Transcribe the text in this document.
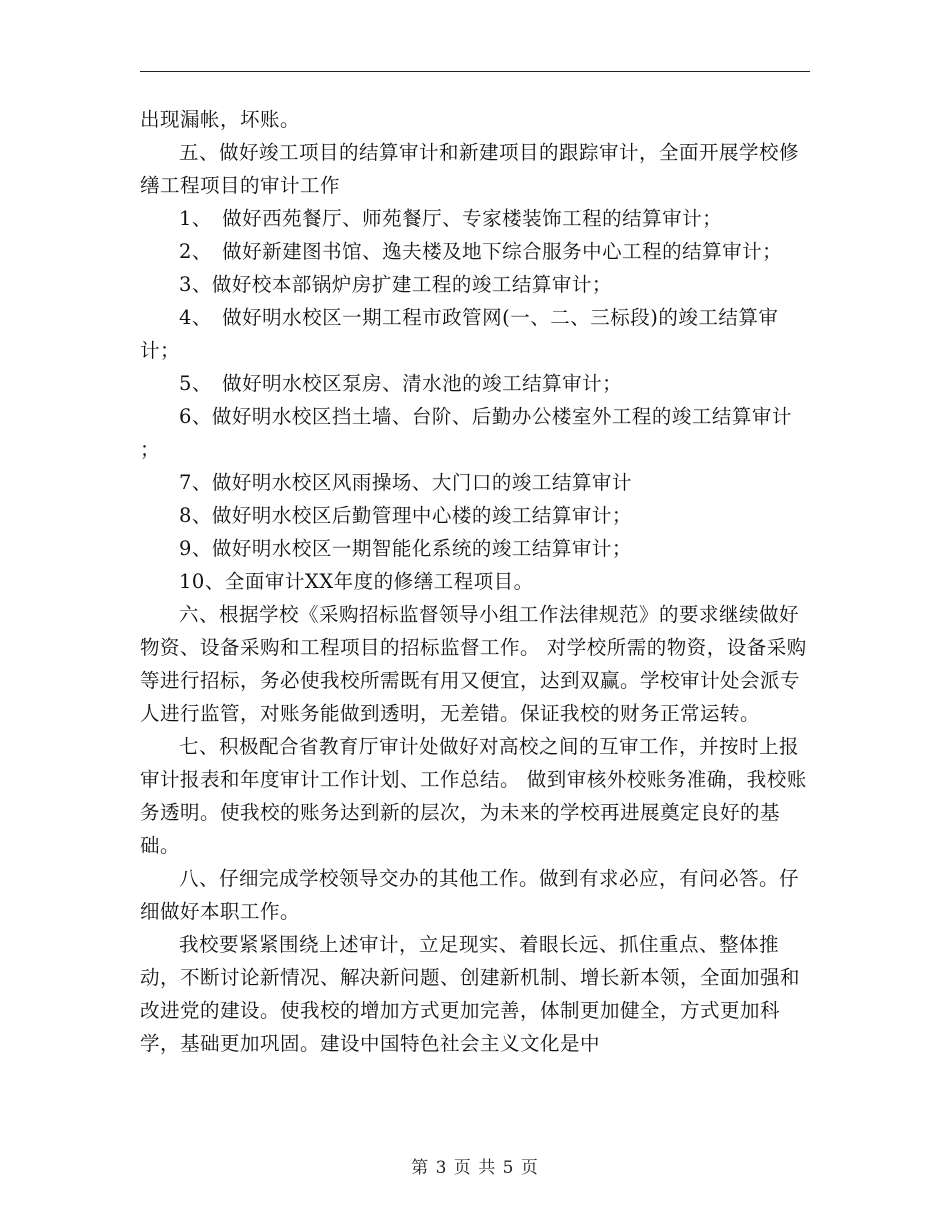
出现漏帐，坏账。

五、做好竣工项目的结算审计和新建项目的跟踪审计，全面开展学校修缮工程项目的审计工作

1、　做好西苑餐厅、师苑餐厅、专家楼装饰工程的结算审计；

2、　做好新建图书馆、逸夫楼及地下综合服务中心工程的结算审计；

3、做好校本部锅炉房扩建工程的竣工结算审计；

4、　做好明水校区一期工程市政管网(一、二、三标段)的竣工结算审计；

5、　做好明水校区泵房、清水池的竣工结算审计；

6、做好明水校区挡土墙、台阶、后勤办公楼室外工程的竣工结算审计 ；

7、做好明水校区风雨操场、大门口的竣工结算审计

8、做好明水校区后勤管理中心楼的竣工结算审计；

9、做好明水校区一期智能化系统的竣工结算审计；

10、全面审计XX年度的修缮工程项目。

六、根据学校《采购招标监督领导小组工作法律规范》的要求继续做好物资、设备采购和工程项目的招标监督工作。 对学校所需的物资，设备采购等进行招标，务必使我校所需既有用又便宜，达到双赢。学校审计处会派专人进行监管，对账务能做到透明，无差错。保证我校的财务正常运转。

七、积极配合省教育厅审计处做好对高校之间的互审工作，并按时上报审计报表和年度审计工作计划、工作总结。 做到审核外校账务准确，我校账务透明。使我校的账务达到新的层次，为未来的学校再进展奠定良好的基础。

八、仔细完成学校领导交办的其他工作。做到有求必应，有问必答。仔细做好本职工作。

我校要紧紧围绕上述审计，立足现实、着眼长远、抓住重点、整体推动，不断讨论新情况、解决新问题、创建新机制、增长新本领，全面加强和改进党的建设。使我校的增加方式更加完善，体制更加健全，方式更加科学，基础更加巩固。建设中国特色社会主义文化是中

第 3 页 共 5 页
